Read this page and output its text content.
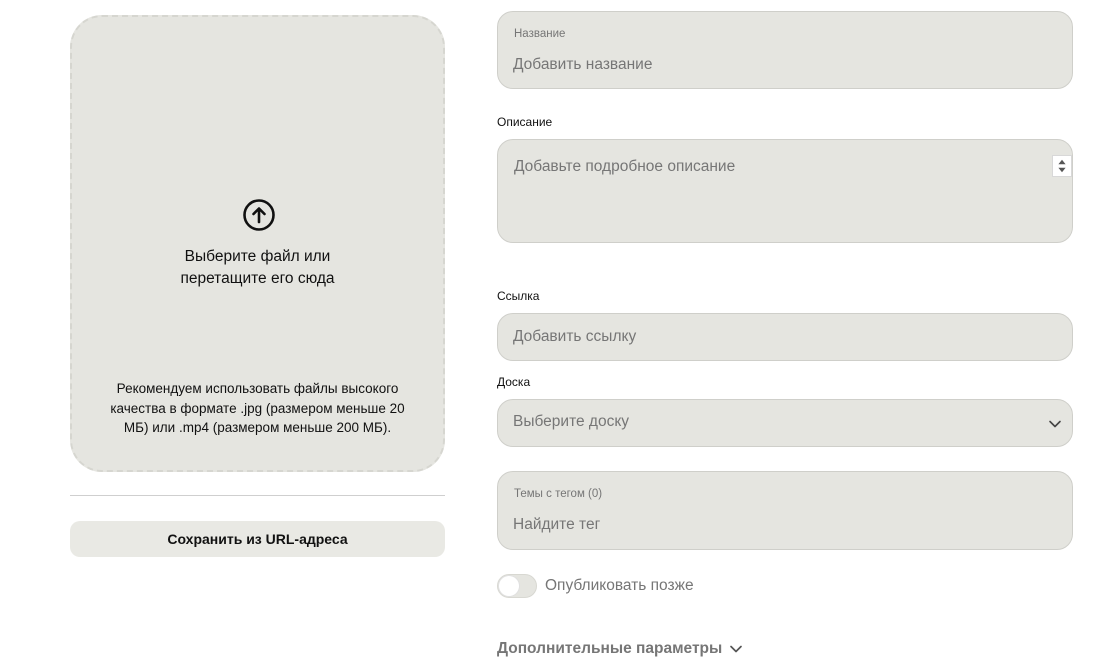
Выберите файл или
перетащите его сюда
Рекомендуем использовать файлы высокого качества в формате .jpg (размером меньше 20 МБ) или .mp4 (размером меньше 200 МБ).
Сохранить из URL-адреса
Название
Добавить название
Описание
Добавьте подробное описание
Ссылка
Добавить ссылку
Доска
Выберите доску
Темы с тегом (0)
Найдите тег
Опубликовать позже
Дополнительные параметры
